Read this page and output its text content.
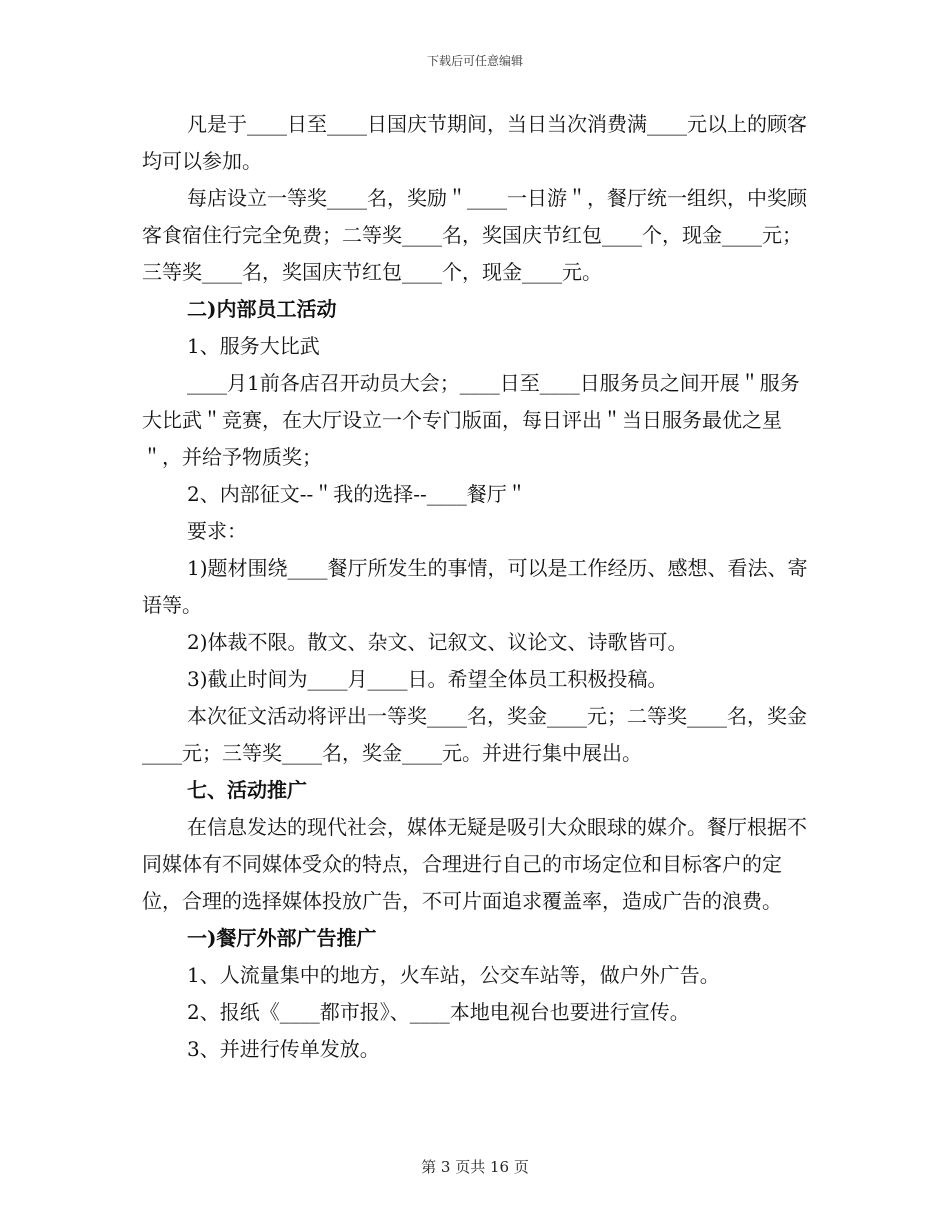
下载后可任意编辑

凡是于____日至____日国庆节期间，当日当次消费满____元以上的顾客均可以参加。

每店设立一等奖____名，奖励＂____一日游＂，餐厅统一组织，中奖顾客食宿住行完全免费；二等奖____名，奖国庆节红包____个，现金____元；三等奖____名，奖国庆节红包____个，现金____元。

二)内部员工活动

1、服务大比武

____月1前各店召开动员大会；____日至____日服务员之间开展＂服务大比武＂竞赛，在大厅设立一个专门版面，每日评出＂当日服务最优之星＂，并给予物质奖；

2、内部征文--＂我的选择--____餐厅＂

要求：

1)题材围绕____餐厅所发生的事情，可以是工作经历、感想、看法、寄语等。

2)体裁不限。散文、杂文、记叙文、议论文、诗歌皆可。

3)截止时间为____月____日。希望全体员工积极投稿。

本次征文活动将评出一等奖____名，奖金____元；二等奖____名，奖金____元；三等奖____名，奖金____元。并进行集中展出。

七、活动推广

在信息发达的现代社会，媒体无疑是吸引大众眼球的媒介。餐厅根据不同媒体有不同媒体受众的特点，合理进行自己的市场定位和目标客户的定位，合理的选择媒体投放广告，不可片面追求覆盖率，造成广告的浪费。

一)餐厅外部广告推广

1、人流量集中的地方，火车站，公交车站等，做户外广告。

2、报纸《____都市报》、____本地电视台也要进行宣传。

3、并进行传单发放。

第 3 页共 16 页
